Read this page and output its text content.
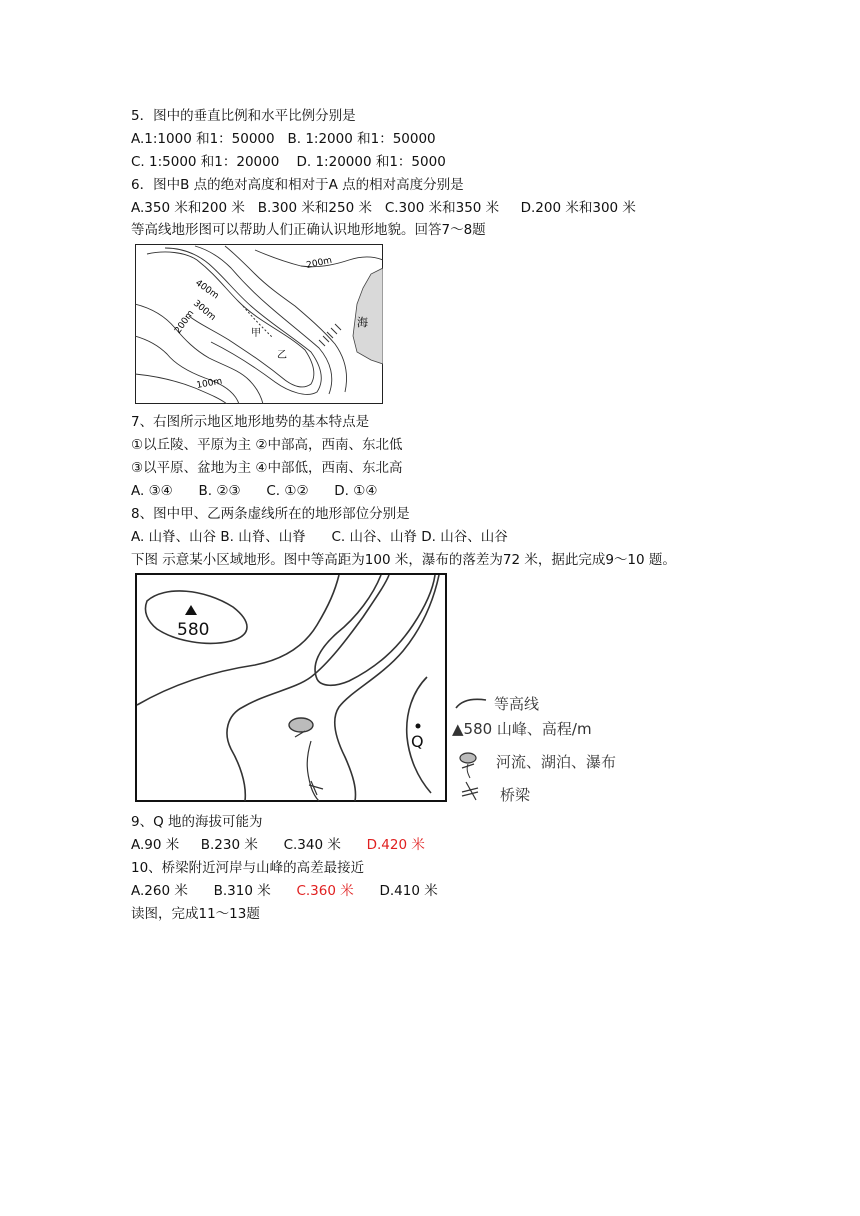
5．图中的垂直比例和水平比例分别是
A.1:1000 和1：50000   B. 1:2000 和1：50000
C. 1:5000 和1：20000    D. 1:20000 和1：5000
6．图中B 点的绝对高度和相对于A 点的相对高度分别是
A.350 米和200 米   B.300 米和250 米   C.300 米和350 米     D.200 米和300 米
等高线地形图可以帮助人们正确认识地形地貌。回答7～8题
海
400m
300m
200m
200m
100m
甲
乙
7、右图所示地区地形地势的基本特点是
①以丘陵、平原为主 ②中部高，西南、东北低
③以平原、盆地为主 ④中部低，西南、东北高
A. ③④      B. ②③      C. ①②      D. ①④
8、图中甲、乙两条虚线所在的地形部位分别是
A. 山脊、山谷 B. 山脊、山脊      C. 山谷、山脊 D. 山谷、山谷
下图 示意某小区域地形。图中等高距为100 米，瀑布的落差为72 米，据此完成9～10 题。
580
Q
等高线
▲580 山峰、高程/m
河流、湖泊、瀑布
桥梁
9、Q 地的海拔可能为
A.90 米     B.230 米      C.340 米      D.420 米
10、桥梁附近河岸与山峰的高差最接近
A.260 米      B.310 米      C.360 米      D.410 米
读图，完成11～13题
